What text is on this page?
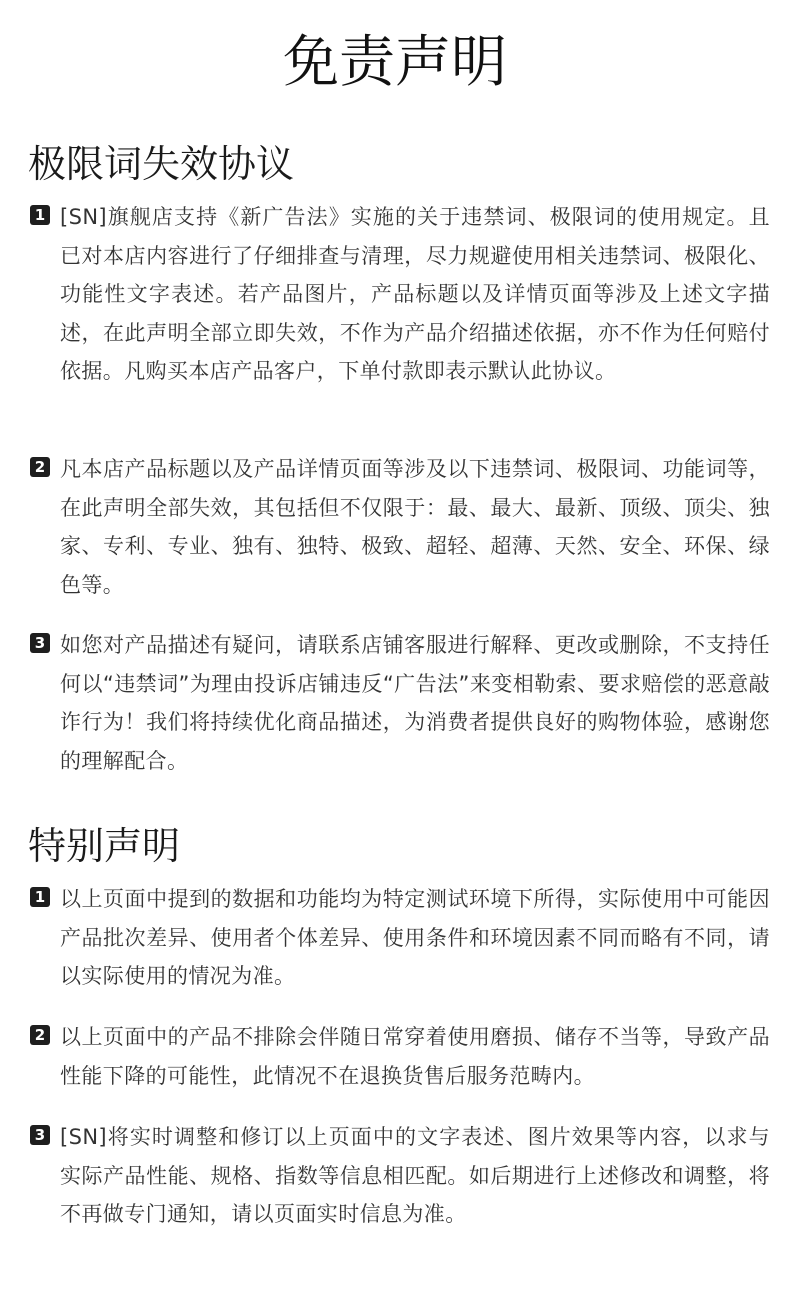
免责声明
极限词失效协议
1 [SN]旗舰店支持《新广告法》实施的关于违禁词、极限词的使用规定。且已对本店内容进行了仔细排查与清理，尽力规避使用相关违禁词、极限化、功能性文字表述。若产品图片，产品标题以及详情页面等涉及上述文字描述，在此声明全部立即失效，不作为产品介绍描述依据，亦不作为任何赔付依据。凡购买本店产品客户，下单付款即表示默认此协议。

2 凡本店产品标题以及产品详情页面等涉及以下违禁词、极限词、功能词等，在此声明全部失效，其包括但不仅限于：最、最大、最新、顶级、顶尖、独家、专利、专业、独有、独特、极致、超轻、超薄、天然、安全、环保、绿色等。

3 如您对产品描述有疑问，请联系店铺客服进行解释、更改或删除，不支持任何以“违禁词”为理由投诉店铺违反“广告法”来变相勒索、要求赔偿的恶意敲诈行为！我们将持续优化商品描述，为消费者提供良好的购物体验，感谢您的理解配合。

特别声明
1 以上页面中提到的数据和功能均为特定测试环境下所得，实际使用中可能因产品批次差异、使用者个体差异、使用条件和环境因素不同而略有不同，请以实际使用的情况为准。

2 以上页面中的产品不排除会伴随日常穿着使用磨损、储存不当等，导致产品性能下降的可能性，此情况不在退换货售后服务范畴内。

3 [SN]将实时调整和修订以上页面中的文字表述、图片效果等内容，以求与实际产品性能、规格、指数等信息相匹配。如后期进行上述修改和调整，将不再做专门通知，请以页面实时信息为准。
